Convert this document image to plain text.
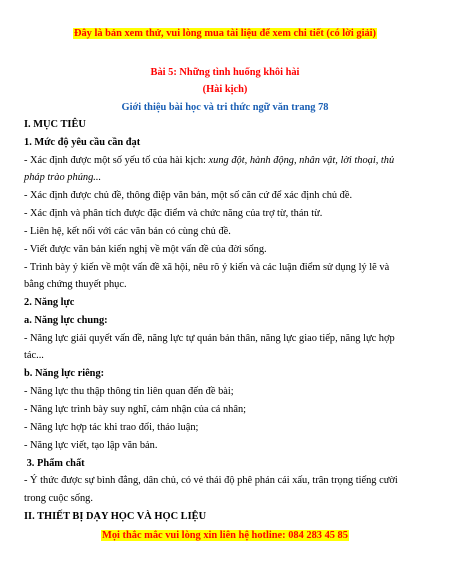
Đây là bản xem thử, vui lòng mua tài liệu để xem chi tiết (có lời giải)
Bài 5: Những tình huống khôi hài
(Hài kịch)
Giới thiệu bài học và tri thức ngữ văn trang 78
I. MỤC TIÊU
1. Mức độ yêu cầu cần đạt
- Xác định được một số yếu tố của hài kịch: xung đột, hành động, nhân vật, lời thoại, thủ
pháp trào phúng...
- Xác định được chủ đề, thông điệp văn bản, một số căn cứ để xác định chủ đề.
- Xác định và phân tích được đặc điểm và chức năng của trợ từ, thán từ.
- Liên hệ, kết nối với các văn bản có cùng chủ đề.
- Viết được văn bản kiến nghị về một vấn đề của đời sống.
- Trình bày ý kiến về một vấn đề xã hội, nêu rõ ý kiến và các luận điểm sử dụng lý lẽ và
bằng chứng thuyết phục.
2. Năng lực
a. Năng lực chung:
- Năng lực giải quyết vấn đề, năng lực tự quản bản thân, năng lực giao tiếp, năng lực hợp
tác...
b. Năng lực riêng:
- Năng lực thu thập thông tin liên quan đến đề bài;
- Năng lực trình bày suy nghĩ, cảm nhận của cá nhân;
- Năng lực hợp tác khi trao đổi, thảo luận;
- Năng lực viết, tạo lập văn bản.
3. Phẩm chất
- Ý thức được sự bình đẳng, dân chủ, có vẻ thái độ phê phán cái xấu, trân trọng tiếng cười
trong cuộc sống.
II. THIẾT BỊ DẠY HỌC VÀ HỌC LIỆU
Mọi thắc mắc vui lòng xin liên hệ hotline: 084 283 45 85
